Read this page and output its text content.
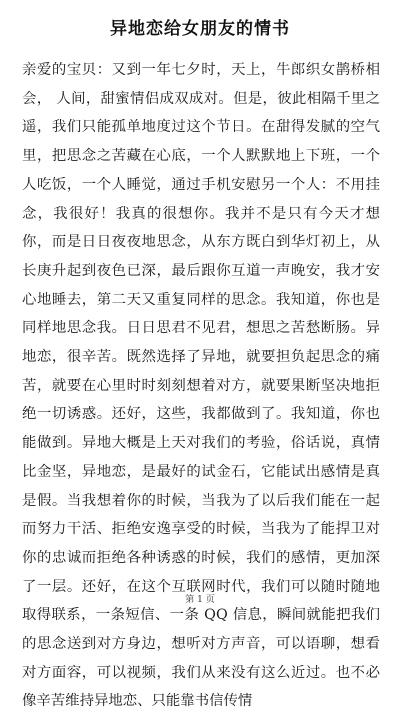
异地恋给女朋友的情书

亲爱的宝贝：又到一年七夕时，天上，牛郎织女鹊桥相会， 人间，甜蜜情侣成双成对。但是，彼此相隔千里之遥，我们只能孤单地度过这个节日。在甜得发腻的空气里，把思念之苦藏在心底，一个人默默地上下班，一个人吃饭，一个人睡觉，通过手机安慰另一个人：不用挂念，我很好！我真的很想你。我并不是只有今天才想你，而是日日夜夜地思念，从东方既白到华灯初上，从长庚升起到夜色已深，最后跟你互道一声晚安，我才安心地睡去，第二天又重复同样的思念。我知道，你也是同样地思念我。日日思君不见君，想思之苦愁断肠。异地恋，很辛苦。既然选择了异地，就要担负起思念的痛苦，就要在心里时时刻刻想着对方，就要果断坚决地拒绝一切诱惑。还好，这些，我都做到了。我知道，你也能做到。异地大概是上天对我们的考验，俗话说，真情比金坚，异地恋，是最好的试金石，它能试出感情是真是假。当我想着你的时候，当我为了以后我们能在一起而努力干活、拒绝安逸享受的时候，当我为了能捍卫对你的忠诚而拒绝各种诱惑的时候，我们的感情，更加深了一层。还好，在这个互联网时代，我们可以随时随地取得联系，一条短信、一条 QQ 信息，瞬间就能把我们的思念送到对方身边，想听对方声音，可以语聊，想看对方面容，可以视频，我们从来没有这么近过。也不必像辛苦维持异地恋、只能靠书信传情

第 1 页
